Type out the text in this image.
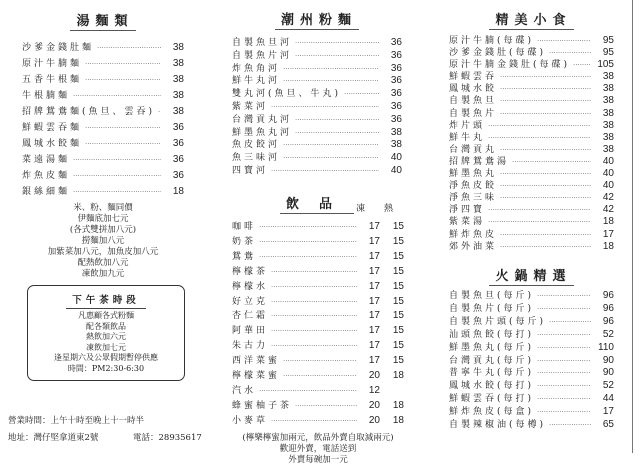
湯麵類
沙爹金錢肚麵 ·····	38
原汁牛腩麵 ·····	38
五香牛根麵 ·····	38
牛根腩麵 ·····	38
招牌鴛鴦麵(魚旦、雲吞) ·····	38
鮮蝦雲吞麵 ·····	36
鳳城水餃麵 ·····	36
菜遠湯麵 ·····	36
炸魚皮麵 ·····	36
銀絲細麵 ·····	18
米、粉、麵同價
伊麵底加七元
(各式雙拼加八元)
撈麵加八元
加紫菜加八元，加魚皮加八元
配熱飲加八元
凍飲加九元
下午茶時段
凡惠顧各式粉麵
配各類飲品
熱飲加六元
凍飲加七元
逢星期六及公眾假期暫停供應
時間：PM2:30-6:30
營業時間：上午十時至晚上十一時半
地址：灣仔堅拿道東2號	電話：28935617
潮州粉麵
自製魚旦河 ·····	36
自製魚片河 ·····	36
炸魚角河 ·····	36
鮮牛丸河 ·····	36
雙丸河(魚旦、牛丸) ·····	36
紫菜河 ·····	36
台灣貢丸河 ·····	36
鮮墨魚丸河 ·····	38
魚皮餃河 ·····	38
魚三味河 ·····	40
四寶河 ·····	40
飲品 凍 熱
咖啡 ·····	17	15
奶茶 ·····	17	15
鴛鴦 ·····	17	15
檸檬茶 ·····	17	15
檸檬水 ·····	17	15
好立克 ·····	17	15
杏仁霜 ·····	17	15
阿華田 ·····	17	15
朱古力 ·····	17	15
西洋菜蜜 ·····	17	15
檸檬菜蜜 ·····	20	18
汽水 ·····	12
蜂蜜柚子茶 ·····	20	18
小麥草 ·····	20	18
(檸樂檸蜜加兩元，飲品外賣自取減兩元)
歡迎外賣，電話送到
外賣每碗加一元
精美小食
原汁牛腩(每碟) ·····	95
沙爹金錢肚(每碟) ·····	95
原汁牛腩金錢肚(每碟) ·····	105
鮮蝦雲吞 ·····	38
鳳城水餃 ·····	38
自製魚旦 ·····	38
自製魚片 ·····	38
炸片頭 ·····	38
鮮牛丸 ·····	38
台灣貢丸 ·····	38
招牌鴛鴦湯 ·····	40
鮮墨魚丸 ·····	40
淨魚皮餃 ·····	40
淨魚三味 ·····	42
淨四寶 ·····	42
紫菜湯 ·····	18
鮮炸魚皮 ·····	17
郊外油菜 ·····	18
火鍋精選
自製魚旦(每斤) ·····	96
自製魚片(每斤) ·····	96
自製魚片頭(每斤) ·····	96
汕頭魚餃(每打) ·····	52
鮮墨魚丸(每斤) ·····	110
台灣貢丸(每斤) ·····	90
普寧牛丸(每斤) ·····	90
鳳城水餃(每打) ·····	52
鮮蝦雲吞(每打) ·····	44
鮮炸魚皮(每盒) ·····	17
自製辣椒油(每樽) ·····	65
